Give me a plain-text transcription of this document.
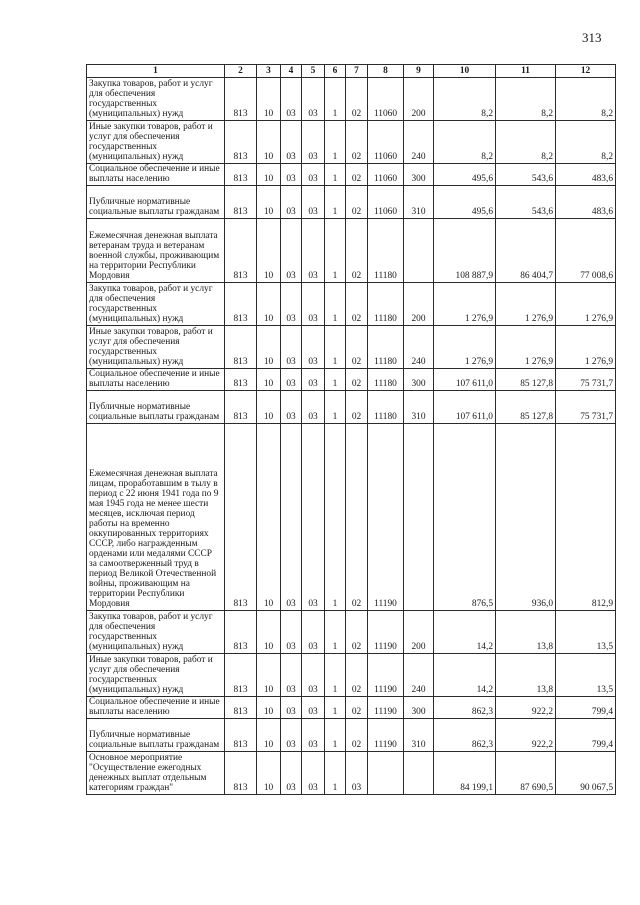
313
1	2	3	4	5	6	7	8	9	10	11	12
Закупка товаров, работ и услуг для обеспечения государственных (муниципальных) нужд	813	10	03	03	1	02	11060	200	8,2	8,2	8,2
Иные закупки товаров, работ и услуг для обеспечения государственных (муниципальных) нужд	813	10	03	03	1	02	11060	240	8,2	8,2	8,2
Социальное обеспечение и иные выплаты населению	813	10	03	03	1	02	11060	300	495,6	543,6	483,6
Публичные нормативные социальные выплаты гражданам	813	10	03	03	1	02	11060	310	495,6	543,6	483,6
Ежемесячная денежная выплата ветеранам труда и ветеранам военной службы, проживающим на территории Республики Мордовия	813	10	03	03	1	02	11180		108 887,9	86 404,7	77 008,6
Закупка товаров, работ и услуг для обеспечения государственных (муниципальных) нужд	813	10	03	03	1	02	11180	200	1 276,9	1 276,9	1 276,9
Иные закупки товаров, работ и услуг для обеспечения государственных (муниципальных) нужд	813	10	03	03	1	02	11180	240	1 276,9	1 276,9	1 276,9
Социальное обеспечение и иные выплаты населению	813	10	03	03	1	02	11180	300	107 611,0	85 127,8	75 731,7
Публичные нормативные социальные выплаты гражданам	813	10	03	03	1	02	11180	310	107 611,0	85 127,8	75 731,7
Ежемесячная денежная выплата лицам, проработавшим в тылу в период с 22 июня 1941 года по 9 мая 1945 года не менее шести месяцев, исключая период работы на временно оккупированных территориях СССР, либо награжденным орденами или медалями СССР за самоотверженный труд в период Великой Отечественной войны, проживающим на территории Республики Мордовия	813	10	03	03	1	02	11190		876,5	936,0	812,9
Закупка товаров, работ и услуг для обеспечения государственных (муниципальных) нужд	813	10	03	03	1	02	11190	200	14,2	13,8	13,5
Иные закупки товаров, работ и услуг для обеспечения государственных (муниципальных) нужд	813	10	03	03	1	02	11190	240	14,2	13,8	13,5
Социальное обеспечение и иные выплаты населению	813	10	03	03	1	02	11190	300	862,3	922,2	799,4
Публичные нормативные социальные выплаты гражданам	813	10	03	03	1	02	11190	310	862,3	922,2	799,4
Основное мероприятие "Осуществление ежегодных денежных выплат отдельным категориям граждан"	813	10	03	03	1	03			84 199,1	87 690,5	90 067,5
